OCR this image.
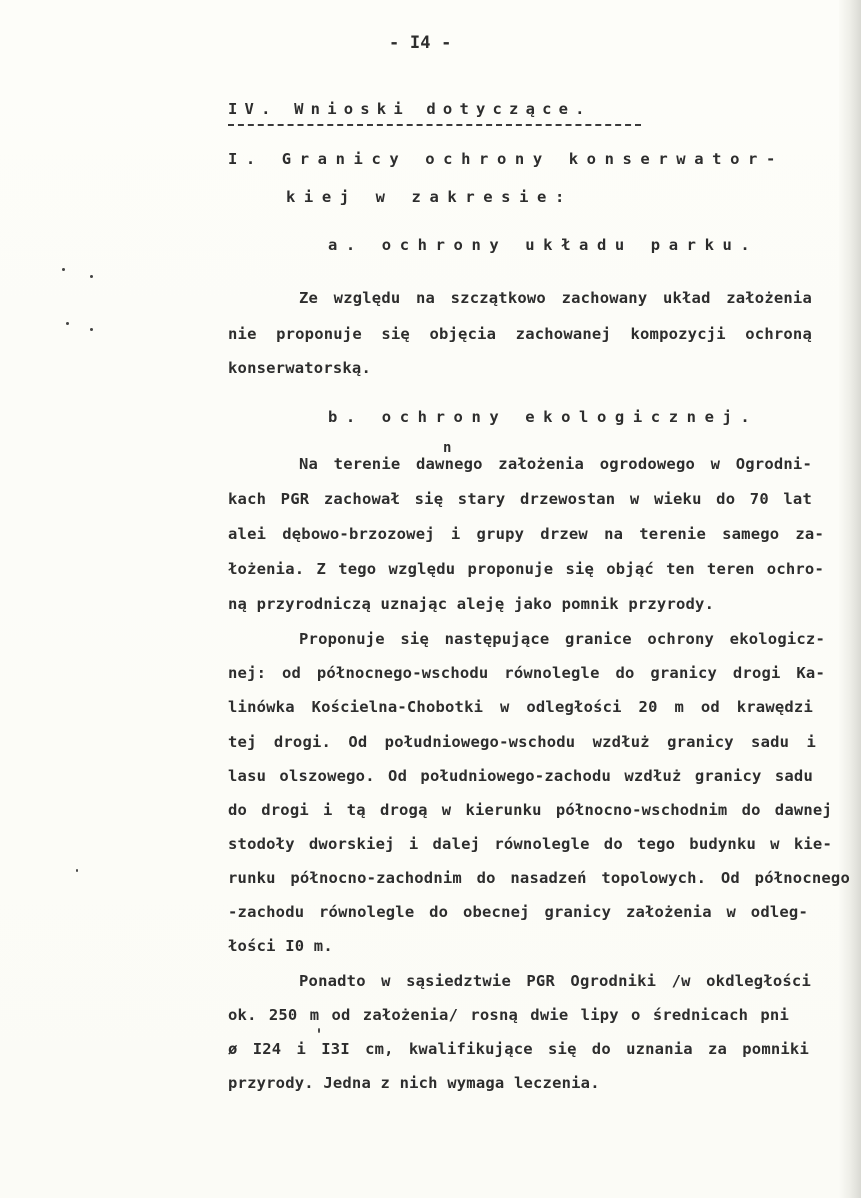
- I4 -
IV. Wnioski dotyczące.
I. Granicy ochrony konserwator-
kiej w zakresie:
a. ochrony układu parku.
Ze względu na szczątkowo zachowany układ założenia
nie proponuje się objęcia zachowanej kompozycji ochroną
konserwatorską.
b. ochrony ekologicznej.
n
Na terenie dawnego założenia ogrodowego w Ogrodni-
kach PGR zachował się stary drzewostan w wieku do 70 lat
alei dębowo-brzozowej i grupy drzew na terenie samego za-
łożenia. Z tego względu proponuje się objąć ten teren ochro-
ną przyrodniczą uznając aleję jako pomnik przyrody.
Proponuje się następujące granice ochrony ekologicz-
nej: od północnego-wschodu równolegle do granicy drogi Ka-
linówka Kościelna-Chobotki w odległości 20 m od krawędzi
tej drogi. Od południowego-wschodu wzdłuż granicy sadu i
lasu olszowego. Od południowego-zachodu wzdłuż granicy sadu
do drogi i tą drogą w kierunku północno-wschodnim do dawnej
stodoły dworskiej i dalej równolegle do tego budynku w kie-
runku północno-zachodnim do nasadzeń topolowych. Od północnego
-zachodu równolegle do obecnej granicy założenia w odleg-
łości I0 m.
Ponadto w sąsiedztwie PGR Ogrodniki /w okdległości
ok. 250 m od założenia/ rosną dwie lipy o średnicach pni
ø I24 i I3I cm, kwalifikujące się do uznania za pomniki
przyrody. Jedna z nich wymaga leczenia.
